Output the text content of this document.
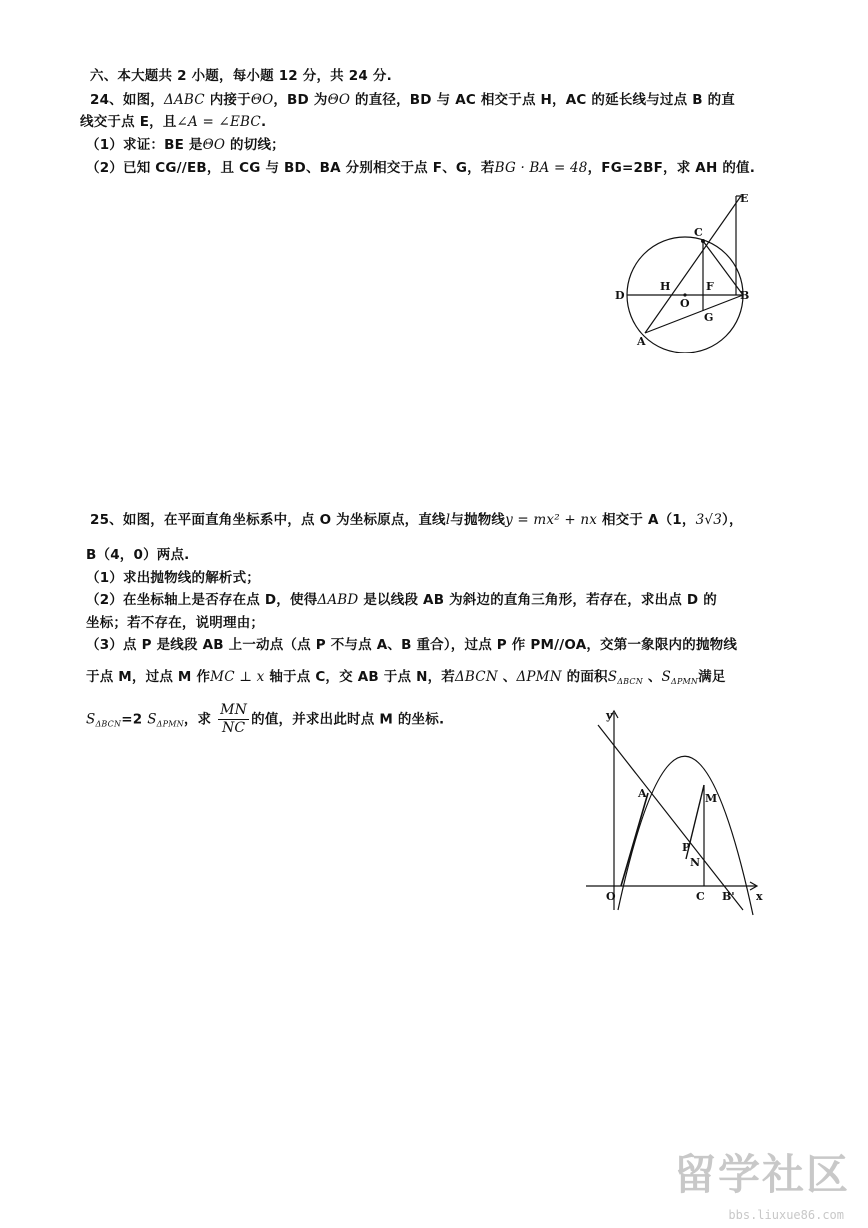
六、本大题共 2 小题，每小题 12 分，共 24 分.
24、如图，ΔABC 内接于ΘO，BD 为ΘO 的直径，BD 与 AC 相交于点 H，AC 的延长线与过点 B 的直
线交于点 E，且∠A = ∠EBC.
（1）求证：BE 是ΘO 的切线；
（2）已知 CG//EB，且 CG 与 BD、BA 分别相交于点 F、G，若BG · BA = 48，FG=2BF，求 AH 的值.
E
C
D
H
O
F
B
G
A
25、如图，在平面直角坐标系中，点 O 为坐标原点，直线l与抛物线y = mx² + nx 相交于 A（1，3√3），
B（4，0）两点.
（1）求出抛物线的解析式；
（2）在坐标轴上是否存在点 D，使得ΔABD 是以线段 AB 为斜边的直角三角形，若存在，求出点 D 的
坐标；若不存在，说明理由；
（3）点 P 是线段 AB 上一动点（点 P 不与点 A、B 重合），过点 P 作 PM//OA，交第一象限内的抛物线
于点 M，过点 M 作MC ⊥ x 轴于点 C，交 AB 于点 N，若ΔBCN 、ΔPMN 的面积$S_{\Delta BCN}$ 、$S_{\Delta PMN}$满足
$S_{\Delta BCN}=2$ $S_{\Delta PMN}$，求 $\frac{MN}{NC}$ 的值，并求出此时点 M 的坐标.	y
A	M
P
N
O	C B' x
留学社区
bbs.liuxue86.com
